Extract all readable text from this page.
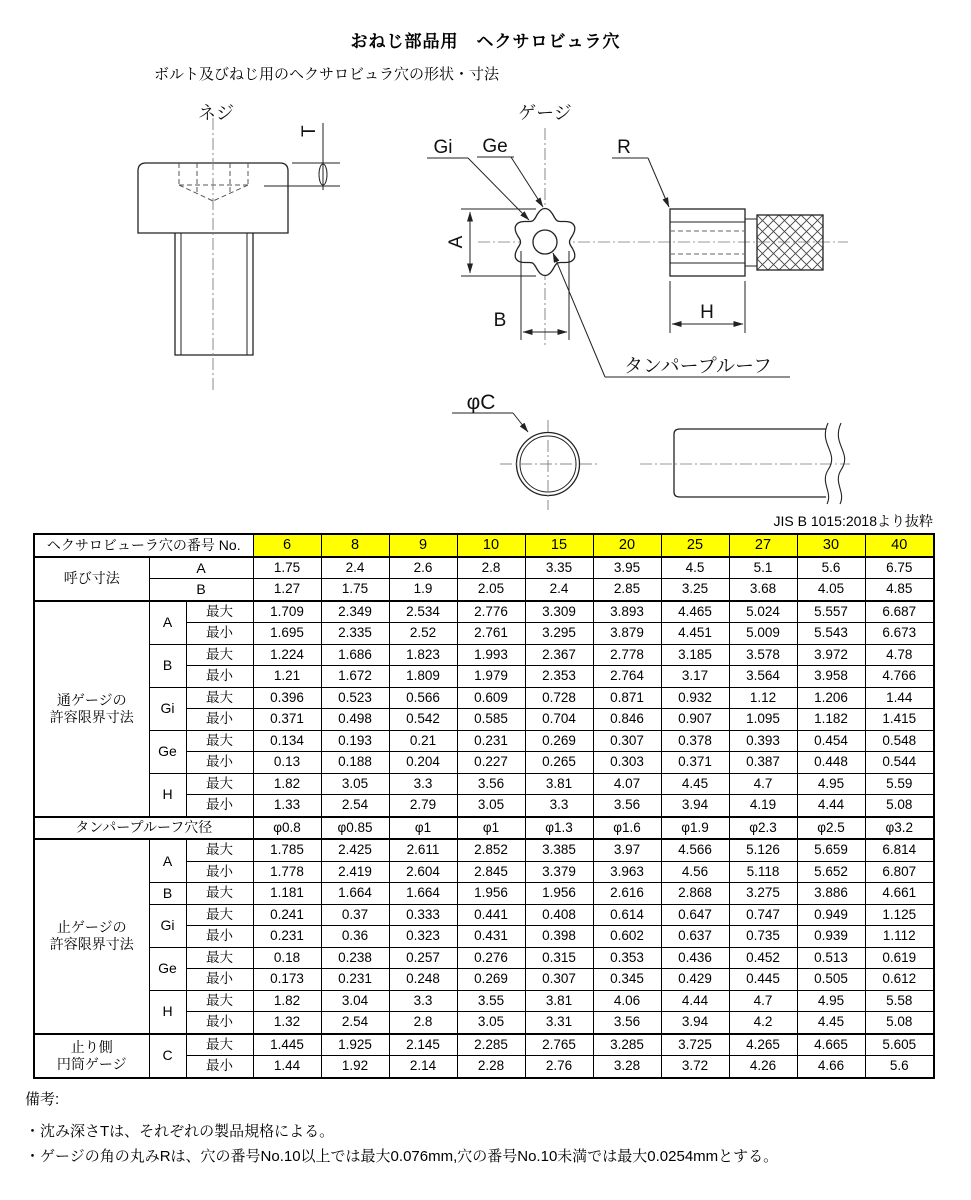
おねじ部品用　ヘクサロビュラ穴
ボルト及びねじ用のヘクサロビュラ穴の形状・寸法
T
A
B
Gi Ge
タンパープルーフ
R
H
φC
ネジ	ゲージ
JIS B 1015:2018より抜粋
ヘクサロビューラ穴の番号 No.			6	8	9	10	15	20	25	27	30	40

呼び寸法	A		1.75	2.4	2.6	2.8	3.35	3.95	4.5	5.1	5.6	6.75
	B		1.27	1.75	1.9	2.05	2.4	2.85	3.25	3.68	4.05	4.85

通ゲージの
許容限界寸法	A	最大	1.709	2.349	2.534	2.776	3.309	3.893	4.465	5.024	5.557	6.687
		最小	1.695	2.335	2.52	2.761	3.295	3.879	4.451	5.009	5.543	6.673
	B	最大	1.224	1.686	1.823	1.993	2.367	2.778	3.185	3.578	3.972	4.78
		最小	1.21	1.672	1.809	1.979	2.353	2.764	3.17	3.564	3.958	4.766
	Gi	最大	0.396	0.523	0.566	0.609	0.728	0.871	0.932	1.12	1.206	1.44
		最小	0.371	0.498	0.542	0.585	0.704	0.846	0.907	1.095	1.182	1.415
	Ge	最大	0.134	0.193	0.21	0.231	0.269	0.307	0.378	0.393	0.454	0.548
		最小	0.13	0.188	0.204	0.227	0.265	0.303	0.371	0.387	0.448	0.544
	H	最大	1.82	3.05	3.3	3.56	3.81	4.07	4.45	4.7	4.95	5.59
		最小	1.33	2.54	2.79	3.05	3.3	3.56	3.94	4.19	4.44	5.08
タンパープルーフ穴径			φ0.8	φ0.85	φ1	φ1	φ1.3	φ1.6	φ1.9	φ2.3	φ2.5	φ3.2

止ゲージの
許容限界寸法	A	最大	1.785	2.425	2.611	2.852	3.385	3.97	4.566	5.126	5.659	6.814
		最小	1.778	2.419	2.604	2.845	3.379	3.963	4.56	5.118	5.652	6.807
	B	最大	1.181	1.664	1.664	1.956	1.956	2.616	2.868	3.275	3.886	4.661
	Gi	最大	0.241	0.37	0.333	0.441	0.408	0.614	0.647	0.747	0.949	1.125
		最小	0.231	0.36	0.323	0.431	0.398	0.602	0.637	0.735	0.939	1.112
	Ge	最大	0.18	0.238	0.257	0.276	0.315	0.353	0.436	0.452	0.513	0.619
		最小	0.173	0.231	0.248	0.269	0.307	0.345	0.429	0.445	0.505	0.612
	H	最大	1.82	3.04	3.3	3.55	3.81	4.06	4.44	4.7	4.95	5.58
		最小	1.32	2.54	2.8	3.05	3.31	3.56	3.94	4.2	4.45	5.08

止り側
円筒ゲージ	C	最大	1.445	1.925	2.145	2.285	2.765	3.285	3.725	4.265	4.665	5.605
		最小	1.44	1.92	2.14	2.28	2.76	3.28	3.72	4.26	4.66	5.6
備考:
・沈み深さTは、それぞれの製品規格による。
・ゲージの角の丸みRは、穴の番号No.10以上では最大0.076mm,穴の番号No.10未満では最大0.0254mmとする。
